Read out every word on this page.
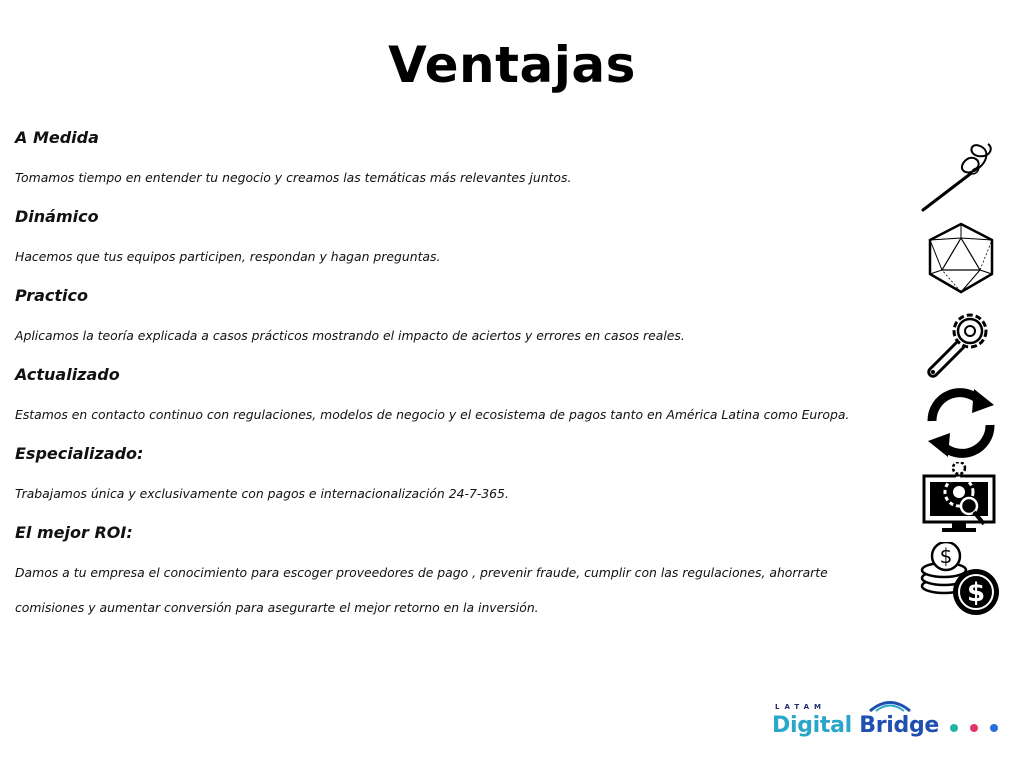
Ventajas
A Medida
Tomamos tiempo en entender tu negocio y creamos las temáticas más relevantes juntos.
Dinámico
Hacemos que tus equipos participen, respondan y hagan preguntas.
Practico
Aplicamos la teoría explicada a casos prácticos mostrando el impacto de aciertos y errores en casos reales.
Actualizado
Estamos en contacto continuo con regulaciones, modelos de negocio y el ecosistema de pagos tanto en América Latina como Europa.
Especializado:
Trabajamos única y exclusivamente con pagos e internacionalización 24-7-365.
El mejor ROI:
Damos a tu empresa el conocimiento para escoger proveedores de pago , prevenir fraude, cumplir con las regulaciones, ahorrarte
comisiones y aumentar conversión para asegurarte el mejor retorno en la inversión.
$
$
LATAM
Digital Bridge
